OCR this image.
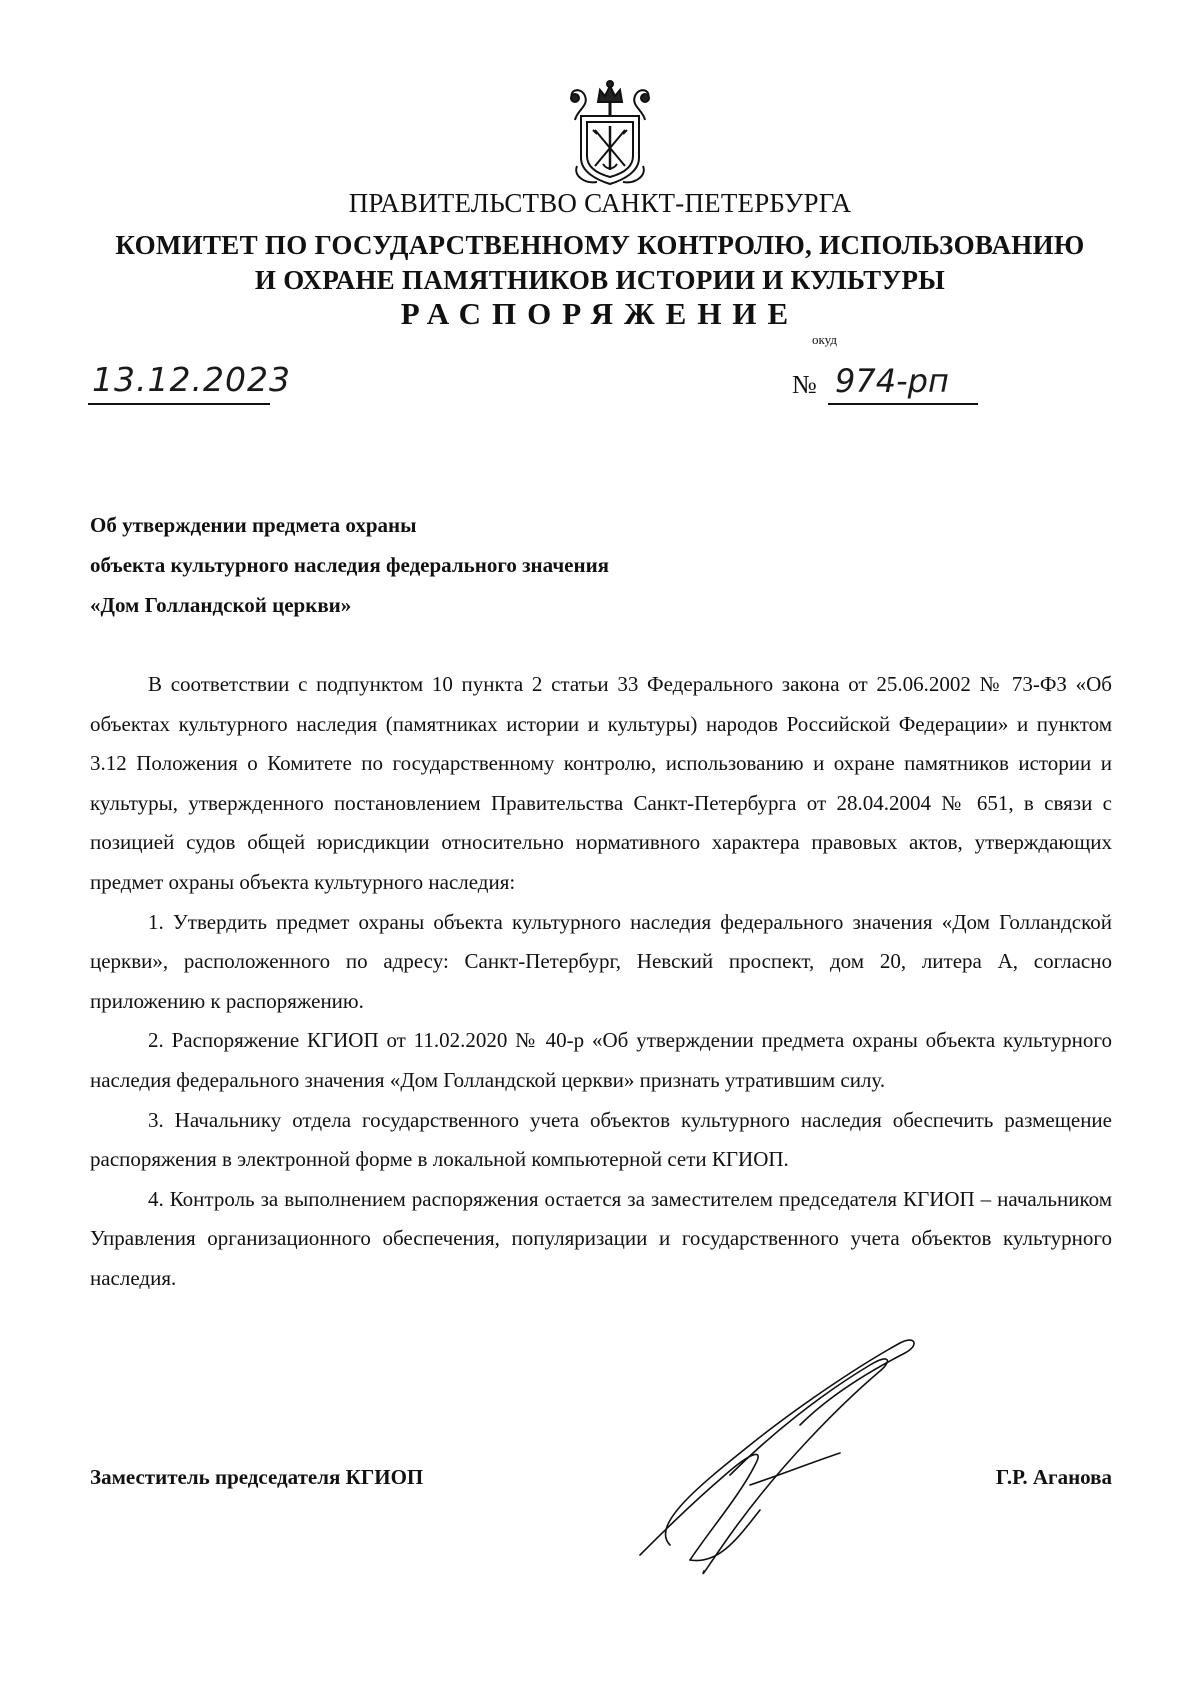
ПРАВИТЕЛЬСТВО САНКТ-ПЕТЕРБУРГА
КОМИТЕТ ПО ГОСУДАРСТВЕННОМУ КОНТРОЛЮ, ИСПОЛЬЗОВАНИЮ
И ОХРАНЕ ПАМЯТНИКОВ ИСТОРИИ И КУЛЬТУРЫ
РАСПОРЯЖЕНИЕ
окуд
13.12.2023	№ 974-рп
Об утверждении предмета охраны
объекта культурного наследия федерального значения
«Дом Голландской церкви»

В соответствии с подпунктом 10 пункта 2 статьи 33 Федерального закона от 25.06.2002 № 73-ФЗ «Об объектах культурного наследия (памятниках истории и культуры) народов Российской Федерации» и пунктом 3.12 Положения о Комитете по государственному контролю, использованию и охране памятников истории и культуры, утвержденного постановлением Правительства Санкт-Петербурга от 28.04.2004 № 651, в связи с позицией судов общей юрисдикции относительно нормативного характера правовых актов, утверждающих предмет охраны объекта культурного наследия:

1. Утвердить предмет охраны объекта культурного наследия федерального значения «Дом Голландской церкви», расположенного по адресу: Санкт-Петербург, Невский проспект, дом 20, литера А, согласно приложению к распоряжению.

2. Распоряжение КГИОП от 11.02.2020 № 40-р «Об утверждении предмета охраны объекта культурного наследия федерального значения «Дом Голландской церкви» признать утратившим силу.

3. Начальнику отдела государственного учета объектов культурного наследия обеспечить размещение распоряжения в электронной форме в локальной компьютерной сети КГИОП.

4. Контроль за выполнением распоряжения остается за заместителем председателя КГИОП – начальником Управления организационного обеспечения, популяризации и государственного учета объектов культурного наследия.

Заместитель председателя КГИОП	Г.Р. Аганова
